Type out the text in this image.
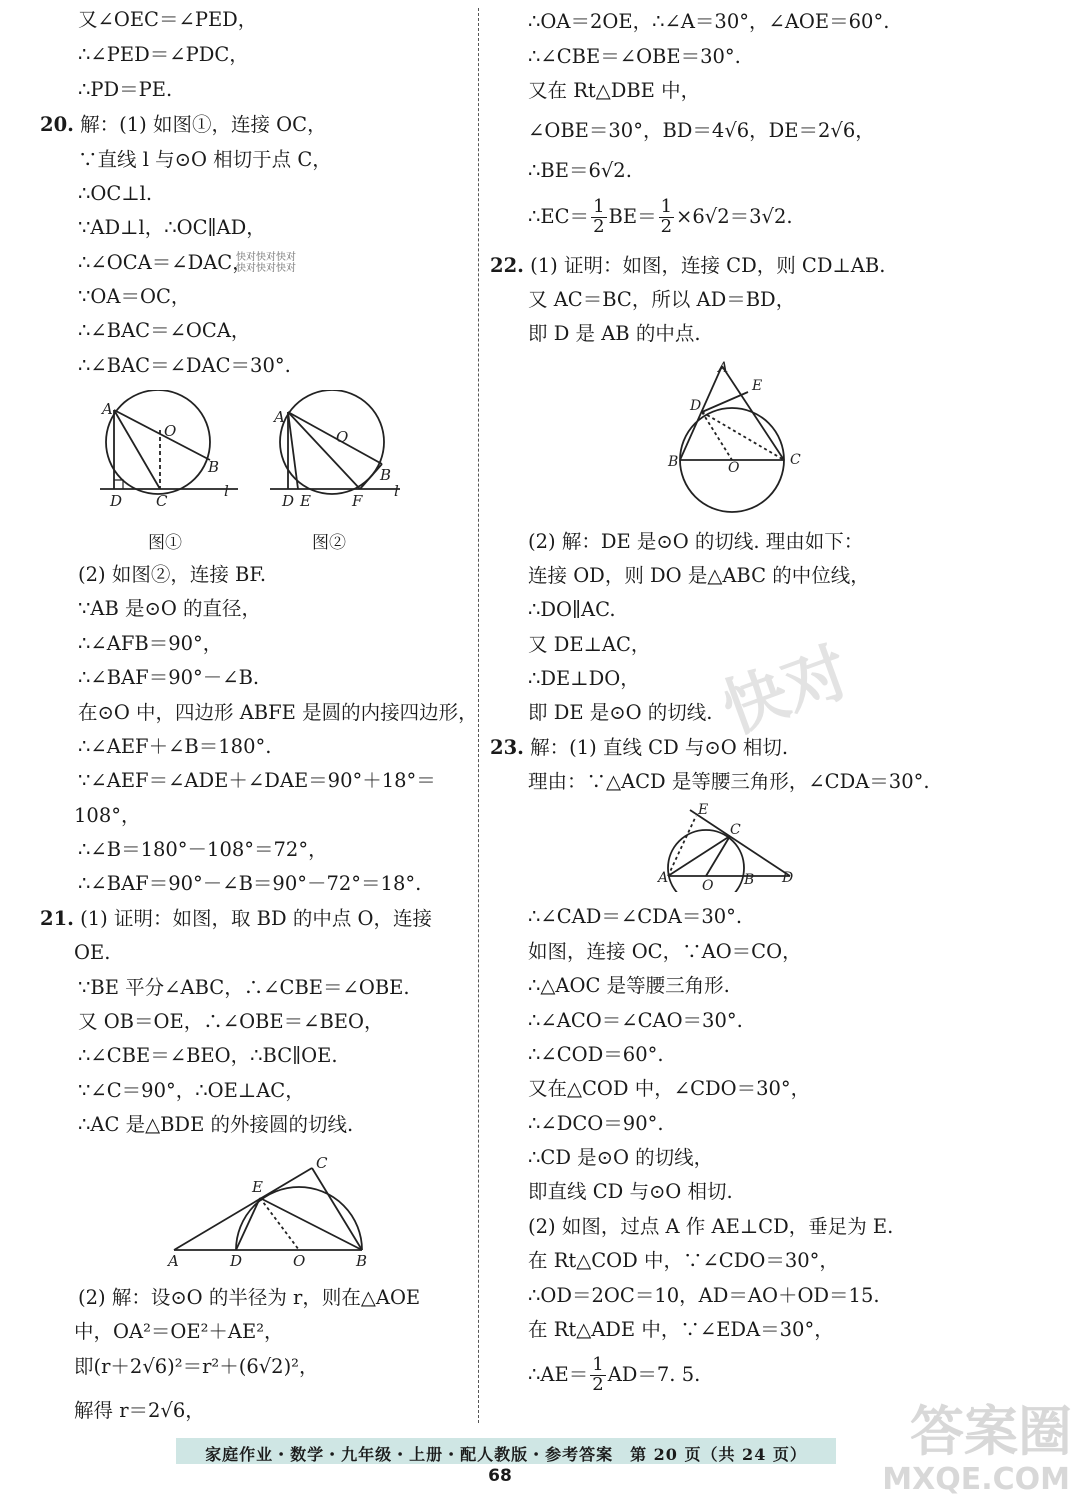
又∠OEC＝∠PED，
∴∠PED＝∠PDC，
∴PD＝PE.
20. 解：(1) 如图①，连接 OC，
∵直线 l 与⊙O 相切于点 C，
∴OC⊥l.
∵AD⊥l，∴OC∥AD，
∴∠OCA＝∠DAC，
∵OA＝OC，
∴∠BAC＝∠OCA，
∴∠BAC＝∠DAC＝30°.
(2) 如图②，连接 BF.
∵AB 是⊙O 的直径，
∴∠AFB＝90°，
∴∠BAF＝90°－∠B.
在⊙O 中，四边形 ABFE 是圆的内接四边形，
∴∠AEF＋∠B＝180°.
∵∠AEF＝∠ADE＋∠DAE＝90°＋18°＝
108°，
∴∠B＝180°－108°＝72°，
∴∠BAF＝90°－∠B＝90°－72°＝18°.
21. (1) 证明：如图，取 BD 的中点 O，连接
OE.
∵BE 平分∠ABC，∴∠CBE＝∠OBE.
又 OB＝OE，∴∠OBE＝∠BEO，
∴∠CBE＝∠BEO，∴BC∥OE.
∵∠C＝90°，∴OE⊥AC，
∴AC 是△BDE 的外接圆的切线.
(2) 解：设⊙O 的半径为 r，则在△AOE
中，OA²＝OE²＋AE²，
即(r＋2√6)²＝r²＋(6√2)²，
解得 r＝2√6，
∴OA＝2OE，∴∠A＝30°，∠AOE＝60°.
∴∠CBE＝∠OBE＝30°.
又在 Rt△DBE 中，
∠OBE＝30°，BD＝4√6，DE＝2√6，
∴BE＝6√2.
22. (1) 证明：如图，连接 CD，则 CD⊥AB.
又 AC＝BC，所以 AD＝BD，
即 D 是 AB 的中点.
(2) 解：DE 是⊙O 的切线. 理由如下：
连接 OD，则 DO 是△ABC 的中位线，
∴DO∥AC.
又 DE⊥AC，
∴DE⊥DO，
即 DE 是⊙O 的切线.
23. 解：(1) 直线 CD 与⊙O 相切.
理由：∵△ACD 是等腰三角形，∠CDA＝30°.
∴∠CAD＝∠CDA＝30°.
如图，连接 OC，∵AO＝CO，
∴△AOC 是等腰三角形.
∴∠ACO＝∠CAO＝30°.
∴∠COD＝60°.
又在△COD 中，∠CDO＝30°，
∴∠DCO＝90°.
∴CD 是⊙O 的切线，
即直线 CD 与⊙O 相切.
(2) 如图，过点 A 作 AE⊥CD，垂足为 E.
在 Rt△COD 中，∵∠CDO＝30°，
∴OD＝2OC＝10，AD＝AO＋OD＝15.
在 Rt△ADE 中，∵∠EDA＝30°，
∴EC＝ $\frac{1}{2} BE= \frac{1}{2} \times 6√2=3√2$.
∴AE＝ $\frac{1}{2} AD=7$. 5.
A
O
B
D C
l
A
O
B
D E	F
l
图①	图②
A	D	O	B
E
C
A
E
D
B	O	C
E
C
A O B D
快对快对快对
快对快对快对
快对
家庭作业・数学・九年级・上册・配人教版・参考答案　第 20 页（共 24 页）
68
答案圈
MXQE.COM
